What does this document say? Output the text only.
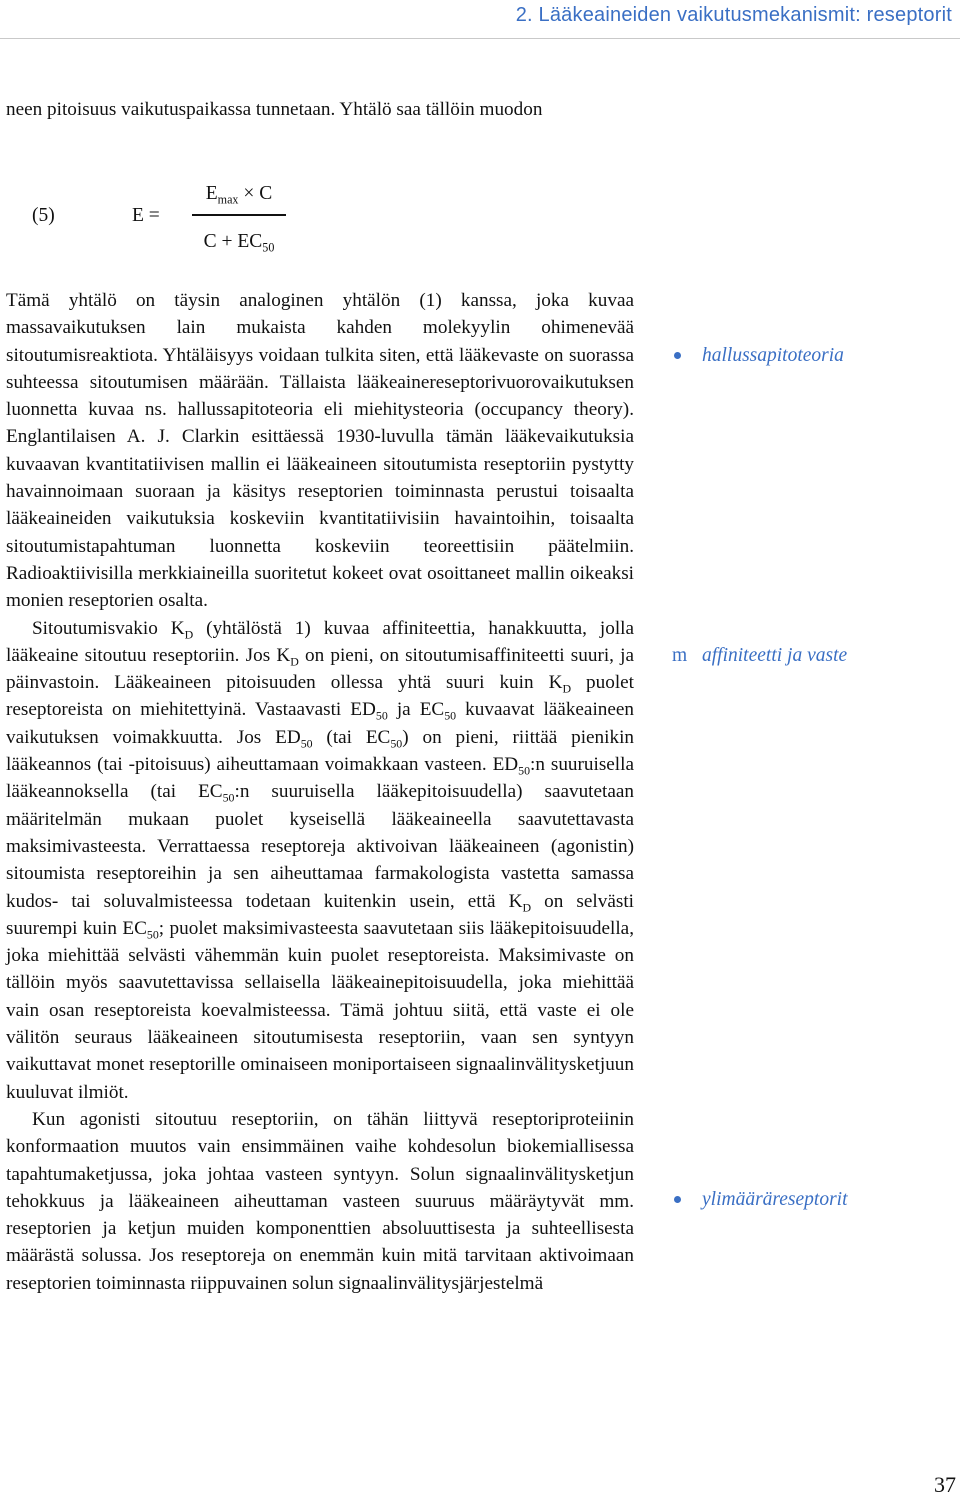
2. Lääkeaineiden vaikutusmekanismit: reseptorit

neen pitoisuus vaikutuspaikassa tunnetaan. Yhtälö saa tällöin muodon

(5)	E =
$E_{max} \times C$
$C + EC_{50}$

Tämä yhtälö on täysin analoginen yhtälön (1) kanssa, joka kuvaa massavaikutuksen lain mukaista kahden molekyylin ohimenevää sitoutumisreaktiota. Yhtäläisyys voidaan tulkita siten, että lääkevaste on suorassa suhteessa sitoutumisen määrään. Tällaista lääkeainereseptorivuorovaikutuksen luonnetta kuvaa ns. hallussapitoteoria eli miehitysteoria (occupancy theory). Englantilaisen A. J. Clarkin esittäessä 1930-luvulla tämän lääkevaikutuksia kuvaavan kvantitatiivisen mallin ei lääkeaineen sitoutumista reseptoriin pystytty havainnoimaan suoraan ja käsitys reseptorien toiminnasta perustui toisaalta lääkeaineiden vaikutuksia koskeviin kvantitatiivisiin havaintoihin, toisaalta sitoutumistapahtuman luonnetta koskeviin teoreettisiin päätelmiin. Radioaktiivisilla merkkiaineilla suoritetut kokeet ovat osoittaneet mallin oikeaksi monien reseptorien osalta.

Sitoutumisvakio $K_D$ (yhtälöstä 1) kuvaa affiniteettia, hanakkuutta, jolla lääkeaine sitoutuu reseptoriin. Jos $K_D$ on pieni, on sitoutumisaffiniteetti suuri, ja päinvastoin. Lääkeaineen pitoisuuden ollessa yhtä suuri kuin $K_D$ puolet reseptoreista on miehitettyinä. Vastaavasti $ED_{50}$ ja $EC_{50}$ kuvaavat lääkeaineen vaikutuksen voimakkuutta. Jos $ED_{50}$ (tai $EC_{50}$) on pieni, riittää pienikin lääkeannos (tai -pitoisuus) aiheuttamaan voimakkaan vasteen. $ED_{50}:n$ suuruisella lääkeannoksella (tai $EC_{50}:n$ suuruisella lääkepitoisuudella) saavutetaan määritelmän mukaan puolet kyseisellä lääkeaineella saavutettavasta maksimivasteesta. Verrattaessa reseptoreja aktivoivan lääkeaineen (agonistin) sitoumista reseptoreihin ja sen aiheuttamaa farmakologista vastetta samassa kudos- tai soluvalmisteessa todetaan kuitenkin usein, että $K_D$ on selvästi suurempi kuin $EC_{50}$; puolet maksimivasteesta saavutetaan siis lääkepitoisuudella, joka miehittää selvästi vähemmän kuin puolet reseptoreista. Maksimivaste on tällöin myös saavutettavissa sellaisella lääkeainepitoisuudella, joka miehittää vain osan reseptoreista koevalmisteessa. Tämä johtuu siitä, että vaste ei ole välitön seuraus lääkeaineen sitoutumisesta reseptoriin, vaan sen syntyyn vaikuttavat monet reseptorille ominaiseen moniportaiseen signaalinvälitysketjuun kuuluvat ilmiöt.

Kun agonisti sitoutuu reseptoriin, on tähän liittyvä reseptoriproteiinin konformaation muutos vain ensimmäinen vaihe kohdesolun biokemiallisessa tapahtumaketjussa, joka johtaa vasteen syntyyn. Solun signaalinvälitysketjun tehokkuus ja lääkeaineen aiheuttaman vasteen suuruus määräytyvät mm. reseptorien ja ketjun muiden komponenttien absoluuttisesta ja suhteellisesta määrästä solussa. Jos reseptoreja on enemmän kuin mitä tarvitaan aktivoimaan reseptorien toiminnasta riippuvainen solun signaalinvälitysjärjestelmä

hallussapitoteoria
m affiniteetti ja vaste
ylimääräreseptorit
37
